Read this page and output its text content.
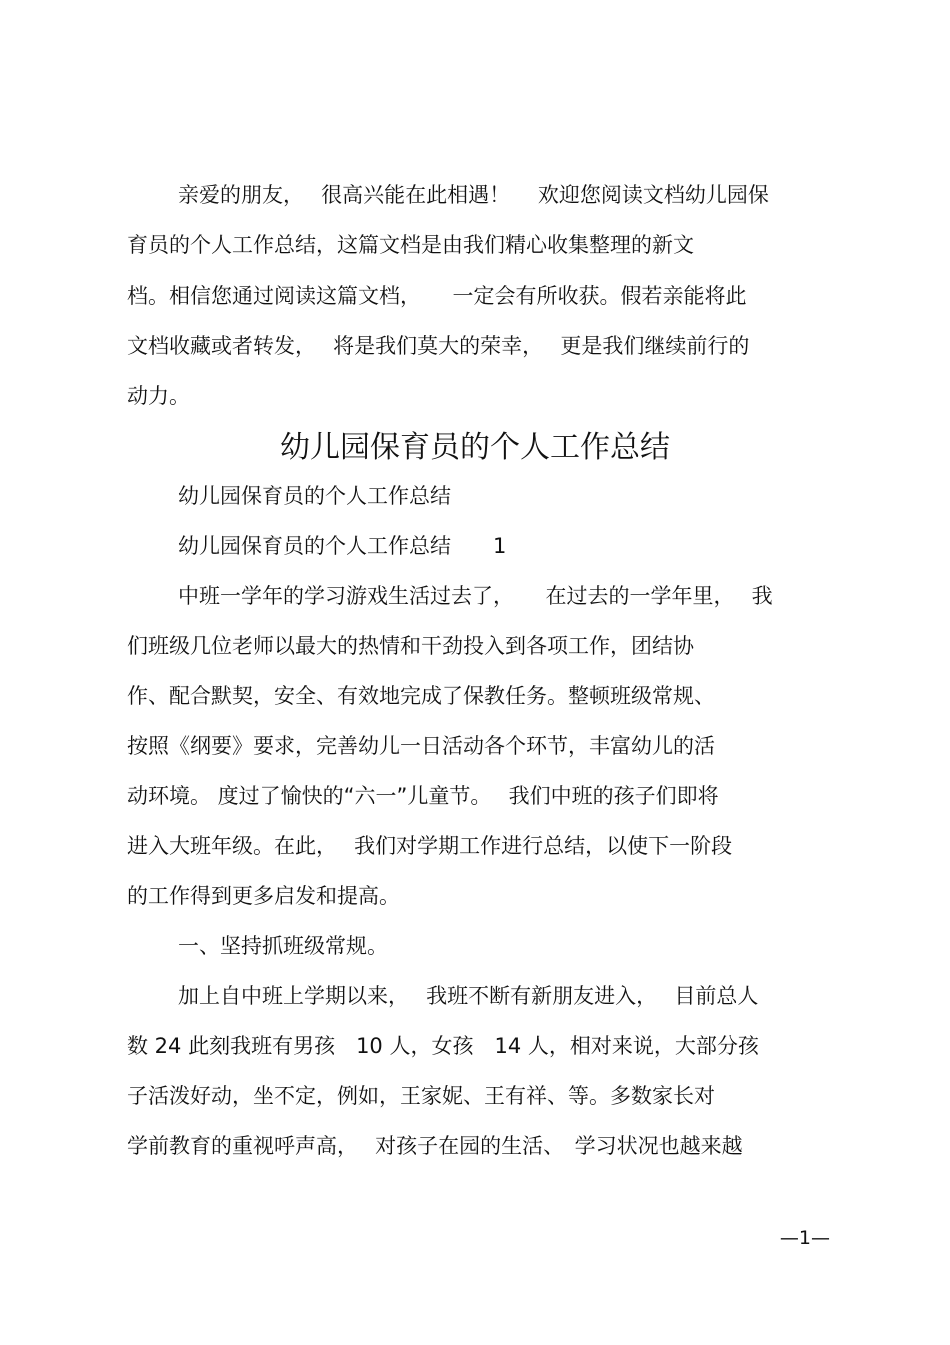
亲爱的朋友，　 很高兴能在此相遇！　 欢迎您阅读文档幼儿园保
育员的个人工作总结，这篇文档是由我们精心收集整理的新文
档。相信您通过阅读这篇文档，　　一定会有所收获。假若亲能将此
文档收藏或者转发，　 将是我们莫大的荣幸，　 更是我们继续前行的
动力。
幼儿园保育员的个人工作总结
幼儿园保育员的个人工作总结
幼儿园保育员的个人工作总结　　1
中班一学年的学习游戏生活过去了，　　在过去的一学年里，　 我
们班级几位老师以最大的热情和干劲投入到各项工作，团结协
作、配合默契，安全、有效地完成了保教任务。整顿班级常规、
按照《纲要》要求，完善幼儿一日活动各个环节，丰富幼儿的活
动环境。 度过了愉快的“六一”儿童节。　 我们中班的孩子们即将
进入大班年级。在此，　 我们对学期工作进行总结，以使下一阶段
的工作得到更多启发和提高。
一、坚持抓班级常规。
加上自中班上学期以来，　 我班不断有新朋友进入，　 目前总人
数 24 此刻我班有男孩　10 人，女孩　14 人，相对来说，大部分孩
子活泼好动，坐不定，例如，王家妮、王有祥、等。多数家长对
学前教育的重视呼声高，　 对孩子在园的生活、　学习状况也越来越
—1—
